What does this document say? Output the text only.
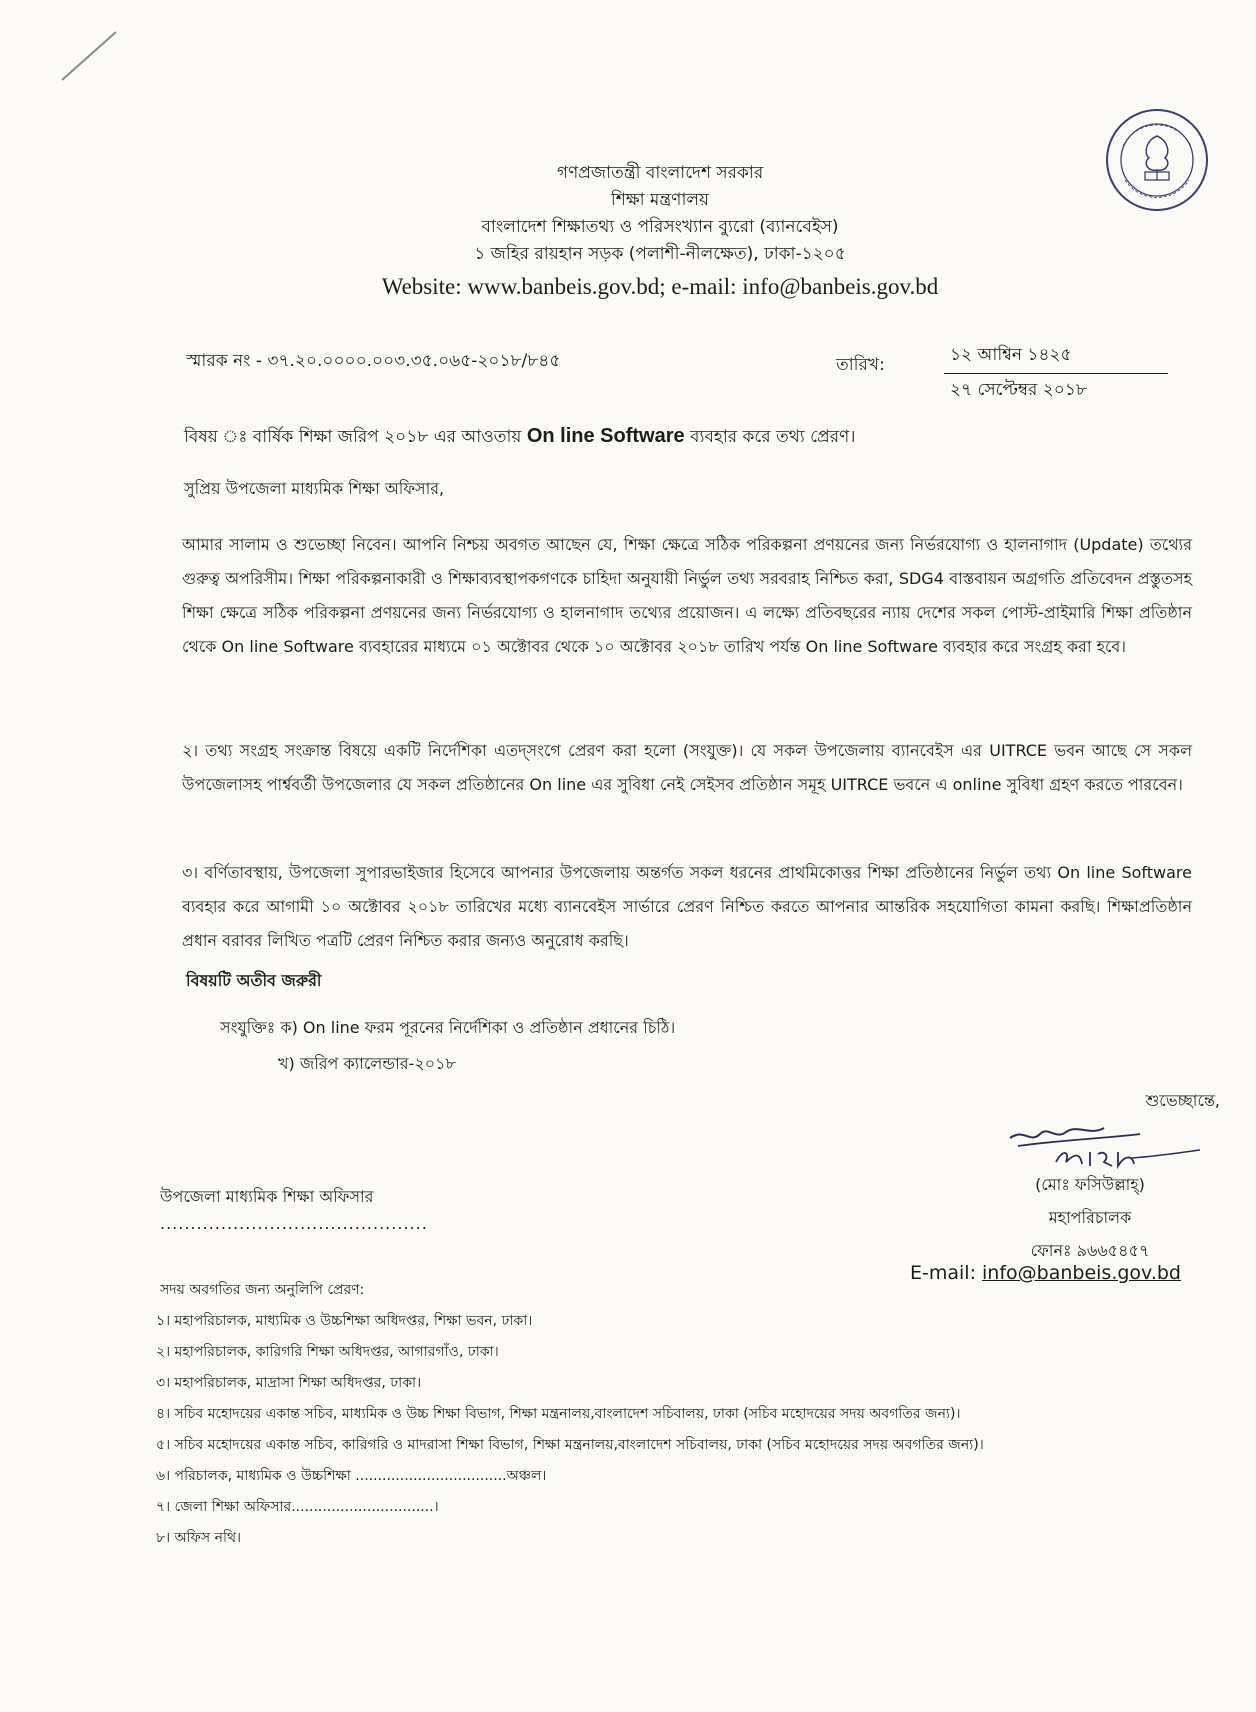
গণপ্রজাতন্ত্রী বাংলাদেশ সরকার
শিক্ষা মন্ত্রণালয়
বাংলাদেশ শিক্ষাতথ্য ও পরিসংখ্যান ব্যুরো (ব্যানবেইস)
১ জহির রায়হান সড়ক (পলাশী-নীলক্ষেত), ঢাকা-১২০৫
Website: www.banbeis.gov.bd; e-mail: info@banbeis.gov.bd
স্মারক নং - ৩৭.২০.০০০০.০০৩.৩৫.০৬৫-২০১৮/৮৪৫	তারিখ:	১২ আশ্বিন ১৪২৫
২৭ সেপ্টেম্বর ২০১৮
বিষয় ঃ বার্ষিক শিক্ষা জরিপ ২০১৮ এর আওতায় On line Software ব্যবহার করে তথ্য প্রেরণ।
সুপ্রিয় উপজেলা মাধ্যমিক শিক্ষা অফিসার,
আমার সালাম ও শুভেচ্ছা নিবেন। আপনি নিশ্চয় অবগত আছেন যে, শিক্ষা ক্ষেত্রে সঠিক পরিকল্পনা প্রণয়নের জন্য নির্ভরযোগ্য ও হালনাগাদ (Update) তথ্যের গুরুত্ব অপরিসীম। শিক্ষা পরিকল্পনাকারী ও শিক্ষাব্যবস্থাপকগণকে চাহিদা অনুযায়ী নির্ভুল তথ্য সরবরাহ নিশ্চিত করা, SDG4 বাস্তবায়ন অগ্রগতি প্রতিবেদন প্রস্তুতসহ শিক্ষা ক্ষেত্রে সঠিক পরিকল্পনা প্রণয়নের জন্য নির্ভরযোগ্য ও হালনাগাদ তথ্যের প্রয়োজন। এ লক্ষ্যে প্রতিবছরের ন্যায় দেশের সকল পোস্ট-প্রাইমারি শিক্ষা প্রতিষ্ঠান থেকে On line Software ব্যবহারের মাধ্যমে ০১ অক্টোবর থেকে ১০ অক্টোবর ২০১৮ তারিখ পর্যন্ত On line Software ব্যবহার করে সংগ্রহ করা হবে।
২। তথ্য সংগ্রহ সংক্রান্ত বিষয়ে একটি নির্দেশিকা এতদ্‌সংগে প্রেরণ করা হলো (সংযুক্ত)। যে সকল উপজেলায় ব্যানবেইস এর UITRCE ভবন আছে সে সকল উপজেলাসহ পার্শ্ববর্তী উপজেলার যে সকল প্রতিষ্ঠানের On line এর সুবিধা নেই সেইসব প্রতিষ্ঠান সমূহ UITRCE ভবনে এ online সুবিধা গ্রহণ করতে পারবেন।
৩। বর্ণিতাবস্থায়, উপজেলা সুপারভাইজার হিসেবে আপনার উপজেলায় অন্তর্গত সকল ধরনের প্রাথমিকোত্তর শিক্ষা প্রতিষ্ঠানের নির্ভুল তথ্য On line Software ব্যবহার করে আগামী ১০ অক্টোবর ২০১৮ তারিখের মধ্যে ব্যানবেইস সার্ভারে প্রেরণ নিশ্চিত করতে আপনার আন্তরিক সহযোগিতা কামনা করছি। শিক্ষাপ্রতিষ্ঠান প্রধান বরাবর লিখিত পত্রটি প্রেরণ নিশ্চিত করার জন্যও অনুরোধ করছি।
বিষয়টি অতীব জরুরী
সংযুক্তিঃ ক) On line ফরম পূরনের নির্দেশিকা ও প্রতিষ্ঠান প্রধানের চিঠি।
খ) জরিপ ক্যালেন্ডার-২০১৮
শুভেচ্ছান্তে,
(মোঃ ফসিউল্লাহ্)
মহাপরিচালক
ফোনঃ ৯৬৬৫৪৫৭
E-mail: info@banbeis.gov.bd
উপজেলা মাধ্যমিক শিক্ষা অফিসার
............................................
সদয় অবগতির জন্য অনুলিপি প্রেরণ:
১। মহাপরিচালক, মাধ্যমিক ও উচ্চশিক্ষা অধিদপ্তর, শিক্ষা ভবন, ঢাকা।
২। মহাপরিচালক, কারিগরি শিক্ষা অধিদপ্তর, আগারগাঁও, ঢাকা।
৩। মহাপরিচালক, মাদ্রাসা শিক্ষা অধিদপ্তর, ঢাকা।
৪। সচিব মহোদয়ের একান্ত সচিব, মাধ্যমিক ও উচ্চ শিক্ষা বিভাগ, শিক্ষা মন্ত্রনালয়,বাংলাদেশ সচিবালয়, ঢাকা (সচিব মহোদয়ের সদয় অবগতির জন্য)।
৫। সচিব মহোদয়ের একান্ত সচিব, কারিগরি ও মাদরাসা শিক্ষা বিভাগ, শিক্ষা মন্ত্রনালয়,বাংলাদেশ সচিবালয়, ঢাকা (সচিব মহোদয়ের সদয় অবগতির জন্য)।
৬। পরিচালক, মাধ্যমিক ও উচ্চশিক্ষা ..................................অঞ্চল।
৭। জেলা শিক্ষা অফিসার................................।
৮। অফিস নথি।
